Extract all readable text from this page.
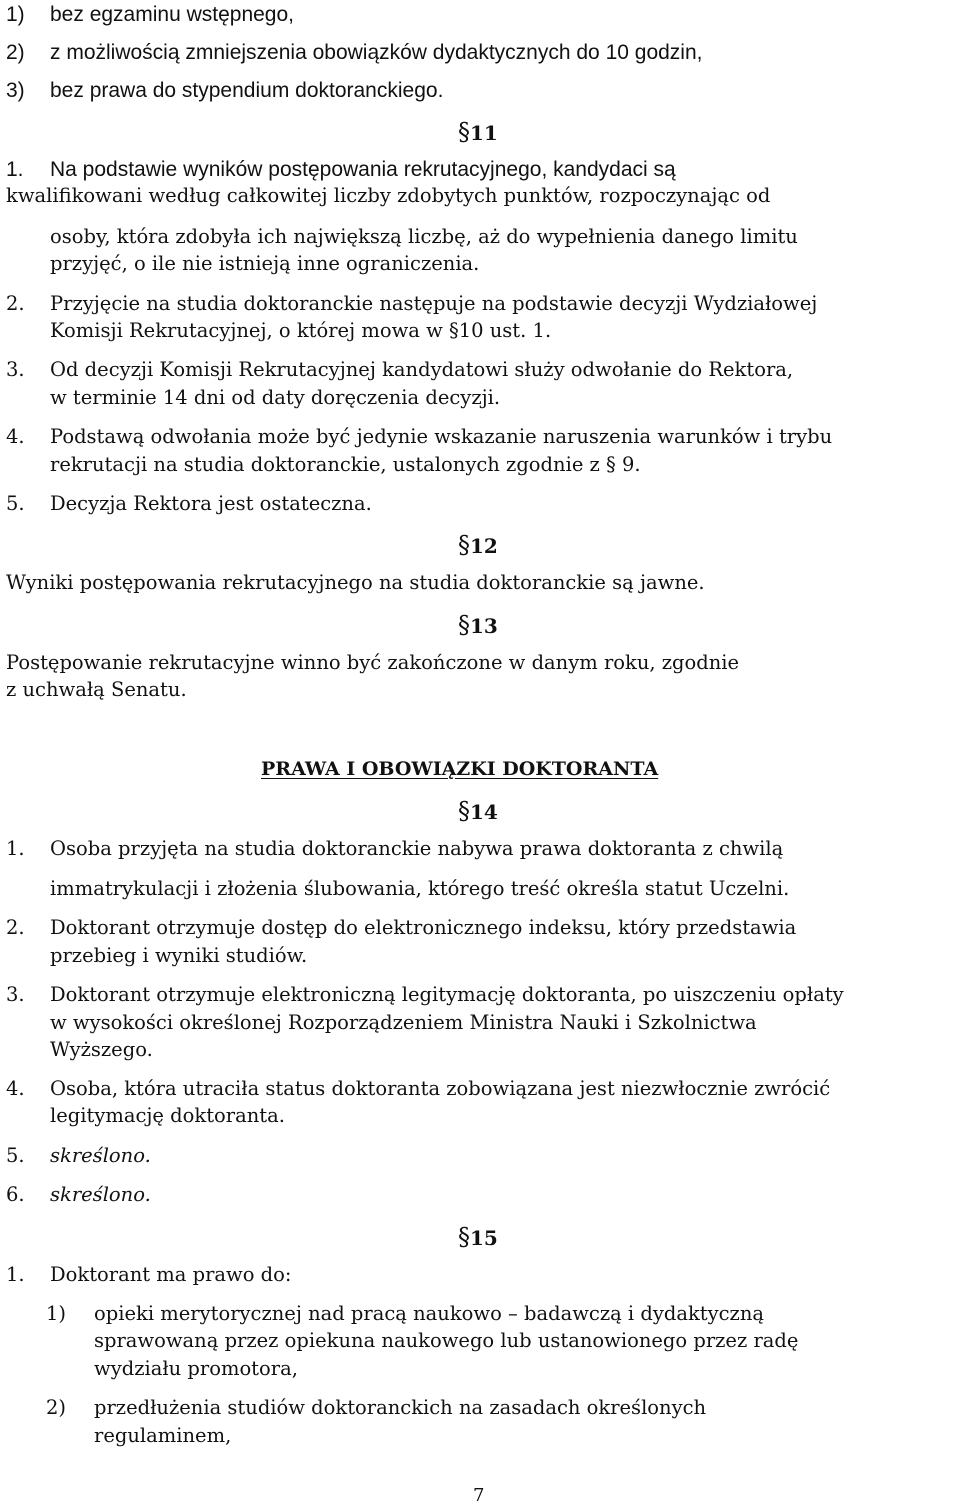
1) bez egzaminu wstępnego,
2) z możliwością zmniejszenia obowiązków dydaktycznych do 10 godzin,
3) bez prawa do stypendium doktoranckiego.
§11
1. Na podstawie wyników postępowania rekrutacyjnego, kandydaci są
kwalifikowani według całkowitej liczby zdobytych punktów, rozpoczynając od
osoby, która zdobyła ich największą liczbę, aż do wypełnienia danego limitu
przyjęć, o ile nie istnieją inne ograniczenia.
2. Przyjęcie na studia doktoranckie następuje na podstawie decyzji Wydziałowej
Komisji Rekrutacyjnej, o której mowa w §10 ust. 1.
3. Od decyzji Komisji Rekrutacyjnej kandydatowi służy odwołanie do Rektora,
w terminie 14 dni od daty doręczenia decyzji.
4. Podstawą odwołania może być jedynie wskazanie naruszenia warunków i trybu
rekrutacji na studia doktoranckie, ustalonych zgodnie z § 9.
5. Decyzja Rektora jest ostateczna.
§12
Wyniki postępowania rekrutacyjnego na studia doktoranckie są jawne.
§13
Postępowanie rekrutacyjne winno być zakończone w danym roku, zgodnie
z uchwałą Senatu.
PRAWA I OBOWIĄZKI DOKTORANTA
§14
1. Osoba przyjęta na studia doktoranckie nabywa prawa doktoranta z chwilą
immatrykulacji i złożenia ślubowania, którego treść określa statut Uczelni.
2. Doktorant otrzymuje dostęp do elektronicznego indeksu, który przedstawia
przebieg i wyniki studiów.
3. Doktorant otrzymuje elektroniczną legitymację doktoranta, po uiszczeniu opłaty
w wysokości określonej Rozporządzeniem Ministra Nauki i Szkolnictwa
Wyższego.
4. Osoba, która utraciła status doktoranta zobowiązana jest niezwłocznie zwrócić
legitymację doktoranta.
5. skreślono.
6. skreślono.
§15
1. Doktorant ma prawo do:
1) opieki merytorycznej nad pracą naukowo – badawczą i dydaktyczną
sprawowaną przez opiekuna naukowego lub ustanowionego przez radę
wydziału promotora,
2) przedłużenia studiów doktoranckich na zasadach określonych
regulaminem,
7
